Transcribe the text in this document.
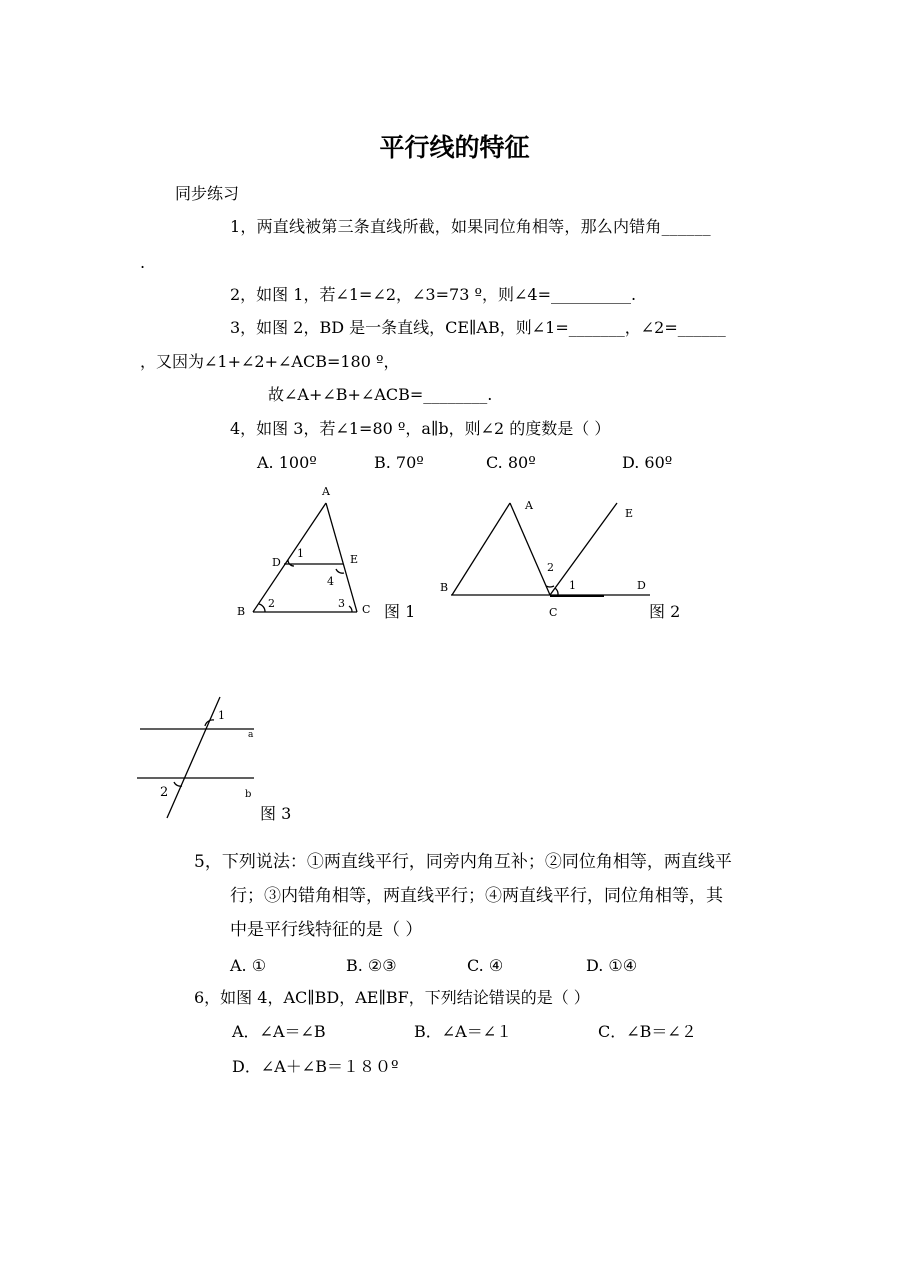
平行线的特征
同步练习
1，两直线被第三条直线所截，如果同位角相等，那么内错角______
.
2，如图 1，若∠1=∠2，∠3=73 º，则∠4=__________.
3，如图 2，BD 是一条直线，CE∥AB，则∠1=_______，∠2=______
，又因为∠1+∠2+∠ACB=180 º，
故∠A+∠B+∠ACB=________.
4，如图 3，若∠1=80 º，a∥b，则∠2 的度数是（ ）
A. 100º	B. 70º	C. 80º	D. 60º
A
D	E
1
4
B
2	3 C 图 1
A
E
2
1
B	D
C	图 2
1
a
2	b
图 3
5，下列说法：①两直线平行，同旁内角互补；②同位角相等，两直线平
行；③内错角相等，两直线平行；④两直线平行，同位角相等，其
中是平行线特征的是（ ）
A. ①	B. ②③	C. ④	D. ①④
6，如图 4，AC∥BD，AE∥BF，下列结论错误的是（ ）
A．∠A＝∠B	B．∠A＝∠１	C．∠B＝∠２
D．∠A＋∠B＝１８０º
